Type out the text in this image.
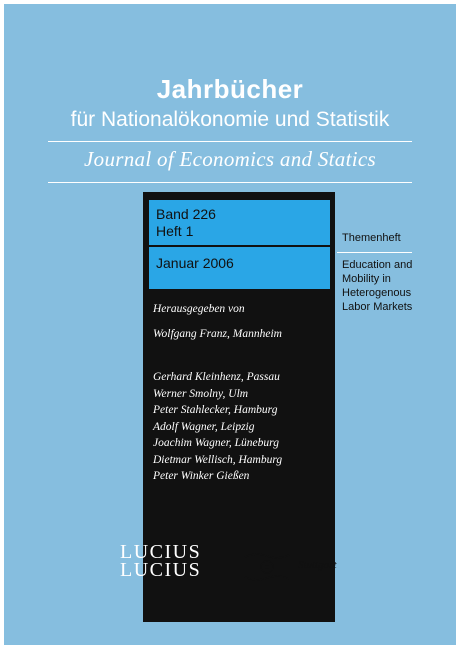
Jahrbücher
für Nationalökonomie und Statistik
Journal of Economics and Statics
Band 226
Heft 1
Januar 2006
Herausgegeben von
Wolfgang Franz, Mannheim
Gerhard Kleinhenz, Passau
Werner Smolny, Ulm
Peter Stahlecker, Hamburg
Adolf Wagner, Leipzig
Joachim Wagner, Lüneburg
Dietmar Wellisch, Hamburg
Peter Winker Gießen
Themenheft
Education and
Mobility in
Heterogenous
Labor Markets
LUCIUS
LUCIUS	Stuttgart
